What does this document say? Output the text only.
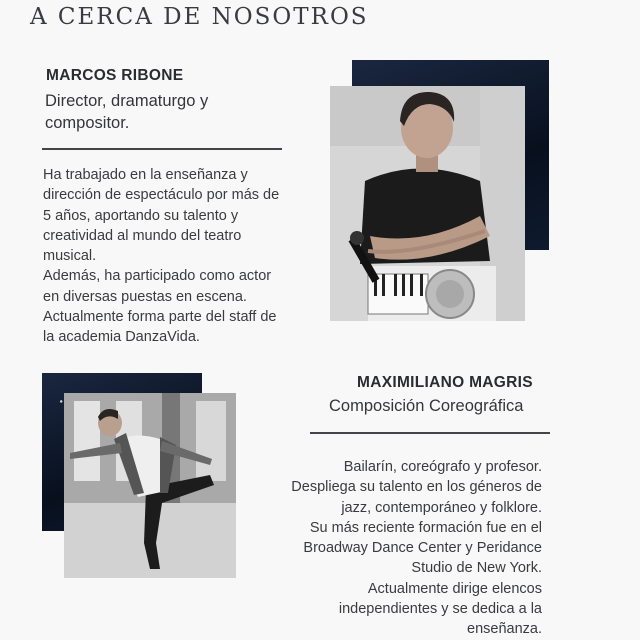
A CERCA DE NOSOTROS
MARCOS RIBONE
Director, dramaturgo y
compositor.
Ha trabajado en la enseñanza y
dirección de espectáculo por más de
5 años, aportando su talento y
creatividad al mundo del teatro
musical.
Además, ha participado como actor
en diversas puestas en escena.
Actualmente forma parte del staff de
la academia DanzaVida.
MAXIMILIANO MAGRIS
Composición Coreográfica
Bailarín, coreógrafo y profesor.
Despliega su talento en los géneros de
jazz, contemporáneo y folklore.
Su más reciente formación fue en el
Broadway Dance Center y Peridance
Studio de New York.
Actualmente dirige elencos
independientes y se dedica a la
enseñanza.
